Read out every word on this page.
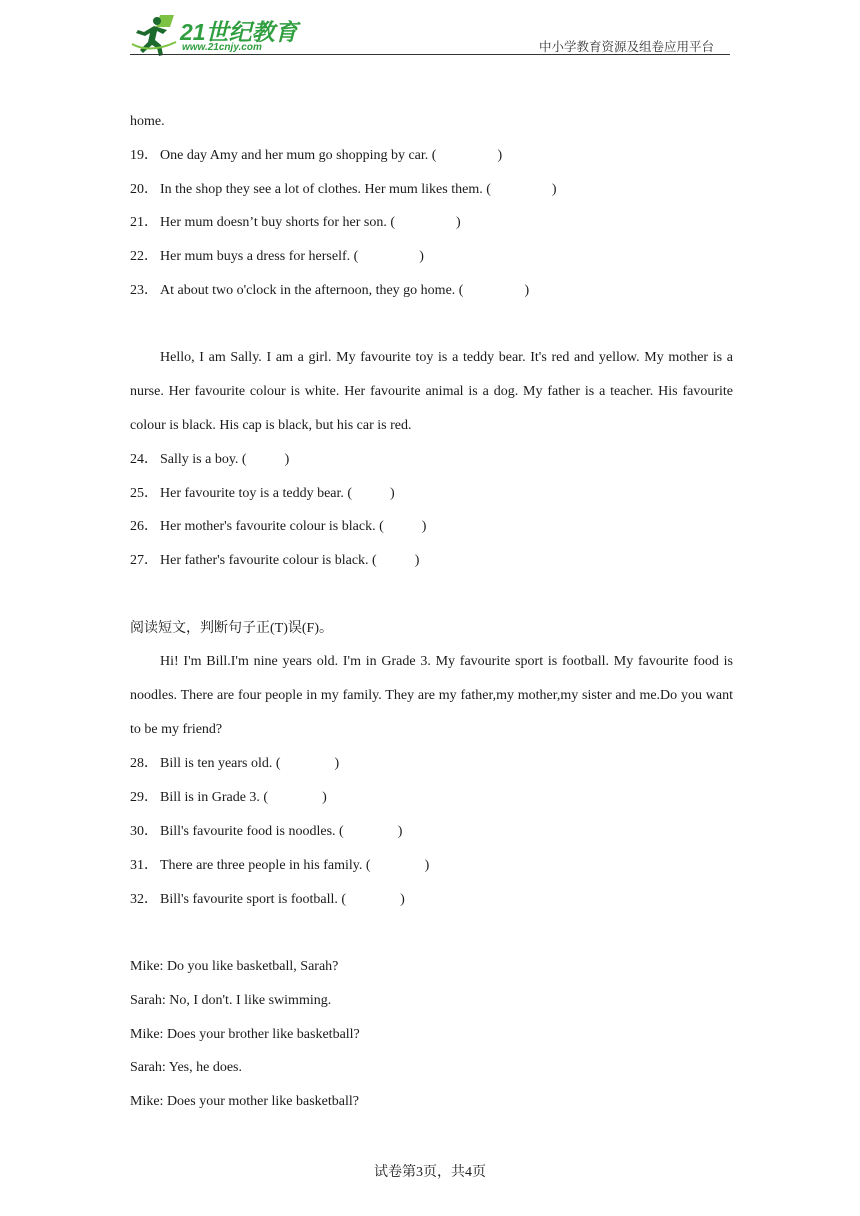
21世纪教育
www.21cnjy.com	中小学教育资源及组卷应用平台
home.
19． One day Amy and her mum go shopping by car. (	)
20． In the shop they see a lot of clothes. Her mum likes them. (	)
21． Her mum doesn’t buy shorts for her son. (	)
22． Her mum buys a dress for herself. (	)
23． At about two o'clock in the afternoon, they go home. (	)
Hello, I am Sally. I am a girl. My favourite toy is a teddy bear. It's red and yellow. My mother is a nurse. Her favourite colour is white. Her favourite animal is a dog. My father is a teacher. His favourite colour is black. His cap is black, but his car is red.
24． Sally is a boy. (	)
25． Her favourite toy is a teddy bear. (	)
26． Her mother's favourite colour is black. (	)
27． Her father's favourite colour is black. (	)
阅读短文，判断句子正(T)误(F)。
Hi! I'm Bill.I'm nine years old. I'm in Grade 3. My favourite sport is football. My favourite food is noodles. There are four people in my family. They are my father,my mother,my sister and me.Do you want to be my friend?
28． Bill is ten years old. (	)
29． Bill is in Grade 3. (	)
30． Bill's favourite food is noodles. (	)
31． There are three people in his family. (	)
32． Bill's favourite sport is football. (	)
Mike: Do you like basketball, Sarah?
Sarah: No, I don't. I like swimming.
Mike: Does your brother like basketball?
Sarah: Yes, he does.
Mike: Does your mother like basketball?
试卷第3页，共4页
